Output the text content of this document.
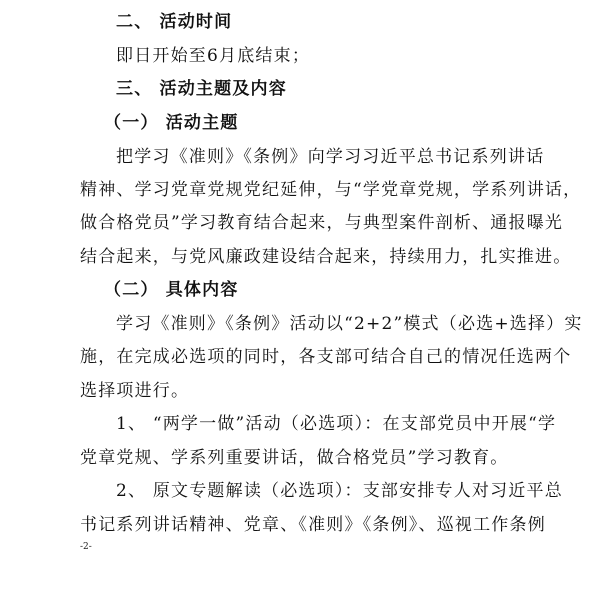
二、 活动时间
即日开始至6月底结束；
三、 活动主题及内容
（一） 活动主题
把学习《准则》《条例》向学习习近平总书记系列讲话
精神、学习党章党规党纪延伸，与“学党章党规，学系列讲话，
做合格党员”学习教育结合起来，与典型案件剖析、通报曝光
结合起来，与党风廉政建设结合起来，持续用力，扎实推进。
（二） 具体内容
学习《准则》《条例》活动以“2+2”模式（必选+选择）实
施，在完成必选项的同时，各支部可结合自己的情况任选两个
选择项进行。
1、 “两学一做”活动（必选项）：在支部党员中开展“学
党章党规、学系列重要讲话，做合格党员”学习教育。
2、 原文专题解读（必选项）：支部安排专人对习近平总
书记系列讲话精神、党章、《准则》《条例》、巡视工作条例
-2-
